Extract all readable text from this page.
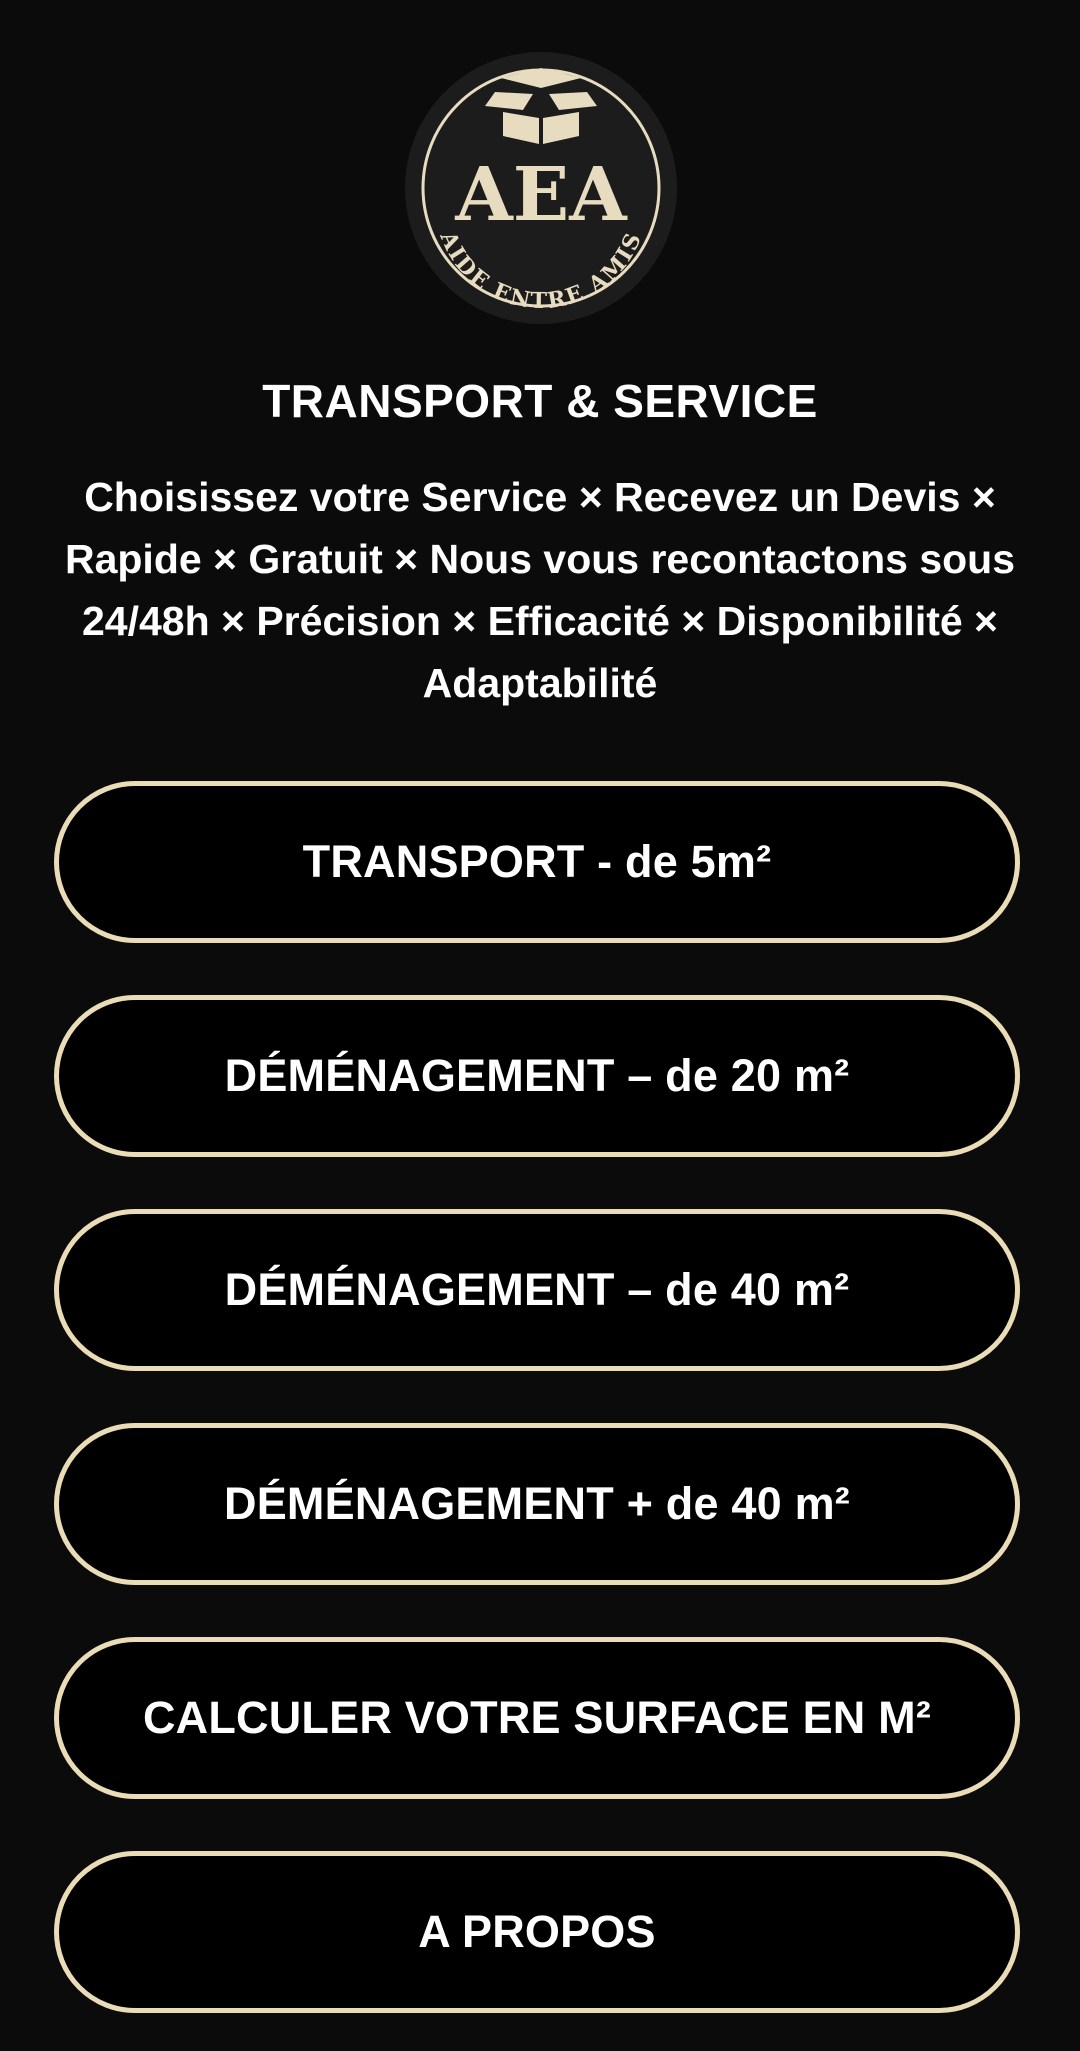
AEA
AIDE ENTRE AMIS
TRANSPORT & SERVICE
Choisissez votre Service × Recevez un Devis × Rapide × Gratuit × Nous vous recontactons sous 24/48h × Précision × Efficacité × Disponibilité × Adaptabilité
TRANSPORT - de 5m²
DÉMÉNAGEMENT – de 20 m²
DÉMÉNAGEMENT – de 40 m²
DÉMÉNAGEMENT + de 40 m²
CALCULER VOTRE SURFACE EN M²
A PROPOS
